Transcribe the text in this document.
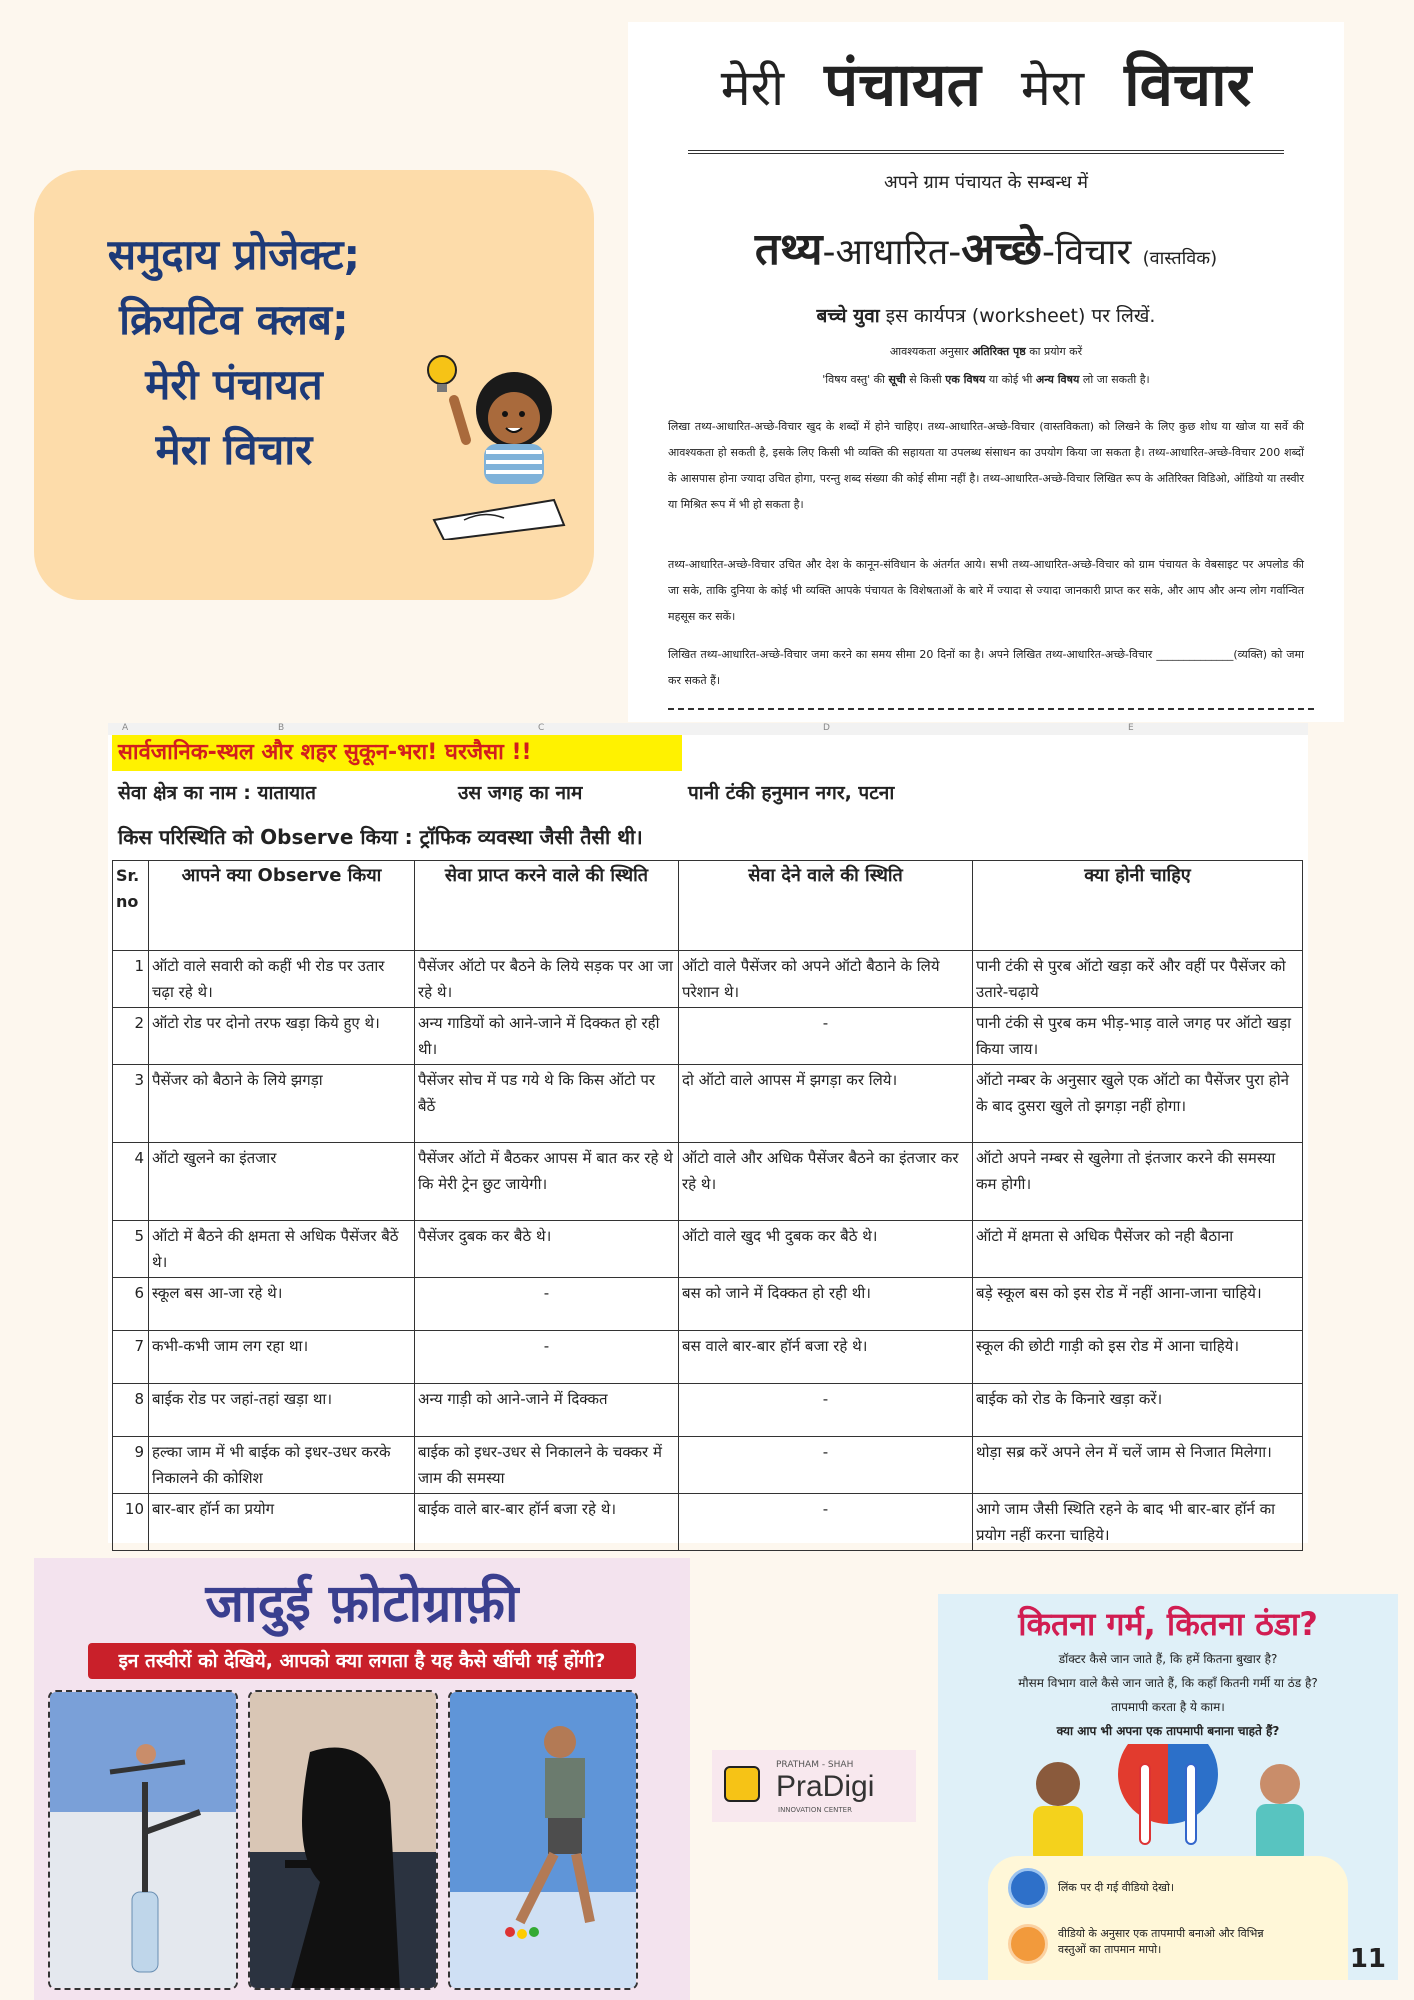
समुदाय प्रोजेक्ट;
क्रियटिव क्लब;
मेरी पंचायत
मेरा विचार
मेरी पंचायत मेरा विचार
अपने ग्राम पंचायत के सम्बन्ध में
तथ्य-आधारित-अच्छे-विचार (वास्तविक)
बच्चे युवा इस कार्यपत्र (worksheet) पर लिखें.
आवश्यकता अनुसार अतिरिक्त पृष्ठ का प्रयोग करें
'विषय वस्तु' की सूची से किसी एक विषय या कोई भी अन्य विषय लो जा सकती है।
लिखा तथ्य-आधारित-अच्छे-विचार खुद के शब्दों में होने चाहिए। तथ्य-आधारित-अच्छे-विचार (वास्तविकता) को लिखने के लिए कुछ शोध या खोज या सर्वे की आवश्यकता हो सकती है, इसके लिए किसी भी व्यक्ति की सहायता या उपलब्ध संसाधन का उपयोग किया जा सकता है। तथ्य-आधारित-अच्छे-विचार 200 शब्दों के आसपास होना ज्यादा उचित होगा, परन्तु शब्द संख्या की कोई सीमा नहीं है। तथ्य-आधारित-अच्छे-विचार लिखित रूप के अतिरिक्त विडिओ, ऑडियो या तस्वीर या मिश्रित रूप में भी हो सकता है।
तथ्य-आधारित-अच्छे-विचार उचित और देश के कानून-संविधान के अंतर्गत आये। सभी तथ्य-आधारित-अच्छे-विचार को ग्राम पंचायत के वेबसाइट पर अपलोड की जा सके, ताकि दुनिया के कोई भी व्यक्ति आपके पंचायत के विशेषताओं के बारे में ज्यादा से ज्यादा जानकारी प्राप्त कर सके, और आप और अन्य लोग गर्वान्वित महसूस कर सकें।
लिखित तथ्य-आधारित-अच्छे-विचार जमा करने का समय सीमा 20 दिनों का है। अपने लिखित तथ्य-आधारित-अच्छे-विचार ______________(व्यक्ति) को जमा कर सकते हैं।
A	B	C	D	E
सार्वजानिक-स्थल और शहर सुकून-भरा! घरजैसा !!
सेवा क्षेत्र का नाम : यातायात	उस जगह का नाम	पानी टंकी हनुमान नगर, पटना
किस परिस्थिति को Observe किया : ट्रॉफिक व्यवस्था जैसी तैसी थी।
Sr. no	आपने क्या Observe किया	सेवा प्राप्त करने वाले की स्थिति	सेवा देने वाले की स्थिति	क्या होनी चाहिए
1	ऑटो वाले सवारी को कहीं भी रोड पर उतार चढ़ा रहे थे।	पैसेंजर ऑटो पर बैठने के लिये सड़क पर आ जा रहे थे।	ऑटो वाले पैसेंजर को अपने ऑटो बैठाने के लिये परेशान थे।	पानी टंकी से पुरब ऑटो खड़ा करें और वहीं पर पैसेंजर को उतारे-चढ़ाये
2	ऑटो रोड पर दोनो तरफ खड़ा किये हुए थे।	अन्य गाडियों को आने-जाने में दिक्कत हो रही थी।	-	पानी टंकी से पुरब कम भीड़-भाड़ वाले जगह पर ऑटो खड़ा किया जाय।
3	पैसेंजर को बैठाने के लिये झगड़ा	पैसेंजर सोच में पड गये थे कि किस ऑटो पर बैठें	दो ऑटो वाले आपस में झगड़ा कर लिये।	ऑटो नम्बर के अनुसार खुले एक ऑटो का पैसेंजर पुरा होने के बाद दुसरा खुले तो झगड़ा नहीं होगा।
4	ऑटो खुलने का इंतजार	पैसेंजर ऑटो में बैठकर आपस में बात कर रहे थे कि मेरी ट्रेन छुट जायेगी।	ऑटो वाले और अधिक पैसेंजर बैठने का इंतजार कर रहे थे।	ऑटो अपने नम्बर से खुलेगा तो इंतजार करने की समस्या कम होगी।
5	ऑटो में बैठने की क्षमता से अधिक पैसेंजर बैठें थे।	पैसेंजर दुबक कर बैठे थे।	ऑटो वाले खुद भी दुबक कर बैठे थे।	ऑटो में क्षमता से अधिक पैसेंजर को नही बैठाना
6	स्कूल बस आ-जा रहे थे।	-	बस को जाने में दिक्कत हो रही थी।	बड़े स्कूल बस को इस रोड में नहीं आना-जाना चाहिये।
7	कभी-कभी जाम लग रहा था।	-	बस वाले बार-बार हॉर्न बजा रहे थे।	स्कूल की छोटी गाड़ी को इस रोड में आना चाहिये।
8	बाईक रोड पर जहां-तहां खड़ा था।	अन्य गाड़ी को आने-जाने में दिक्कत	-	बाईक को रोड के किनारे खड़ा करें।
9	हल्का जाम में भी बाईक को इधर-उधर करके निकालने की कोशिश	बाईक को इधर-उधर से निकालने के चक्कर में जाम की समस्या	-	थोड़ा सब्र करें अपने लेन में चलें जाम से निजात मिलेगा।
10	बार-बार हॉर्न का प्रयोग	बाईक वाले बार-बार हॉर्न बजा रहे थे।	-	आगे जाम जैसी स्थिति रहने के बाद भी बार-बार हॉर्न का प्रयोग नहीं करना चाहिये।
जादुई फ़ोटोग्राफ़ी
इन तस्वीरों को देखिये, आपको क्या लगता है यह कैसे खींची गई होंगी?
PRATHAM - SHAH
PraDigi
INNOVATION CENTER
कितना गर्म, कितना ठंडा?
डॉक्टर कैसे जान जाते हैं, कि हमें कितना बुखार है?
मौसम विभाग वाले कैसे जान जाते हैं, कि कहाँ कितनी गर्मी या ठंड है?
तापमापी करता है ये काम।
क्या आप भी अपना एक तापमापी बनाना चाहते हैं?
लिंक पर दी गई वीडियो देखो।
वीडियो के अनुसार एक तापमापी बनाओ और विभिन्न
वस्तुओं का तापमान मापो।	11
